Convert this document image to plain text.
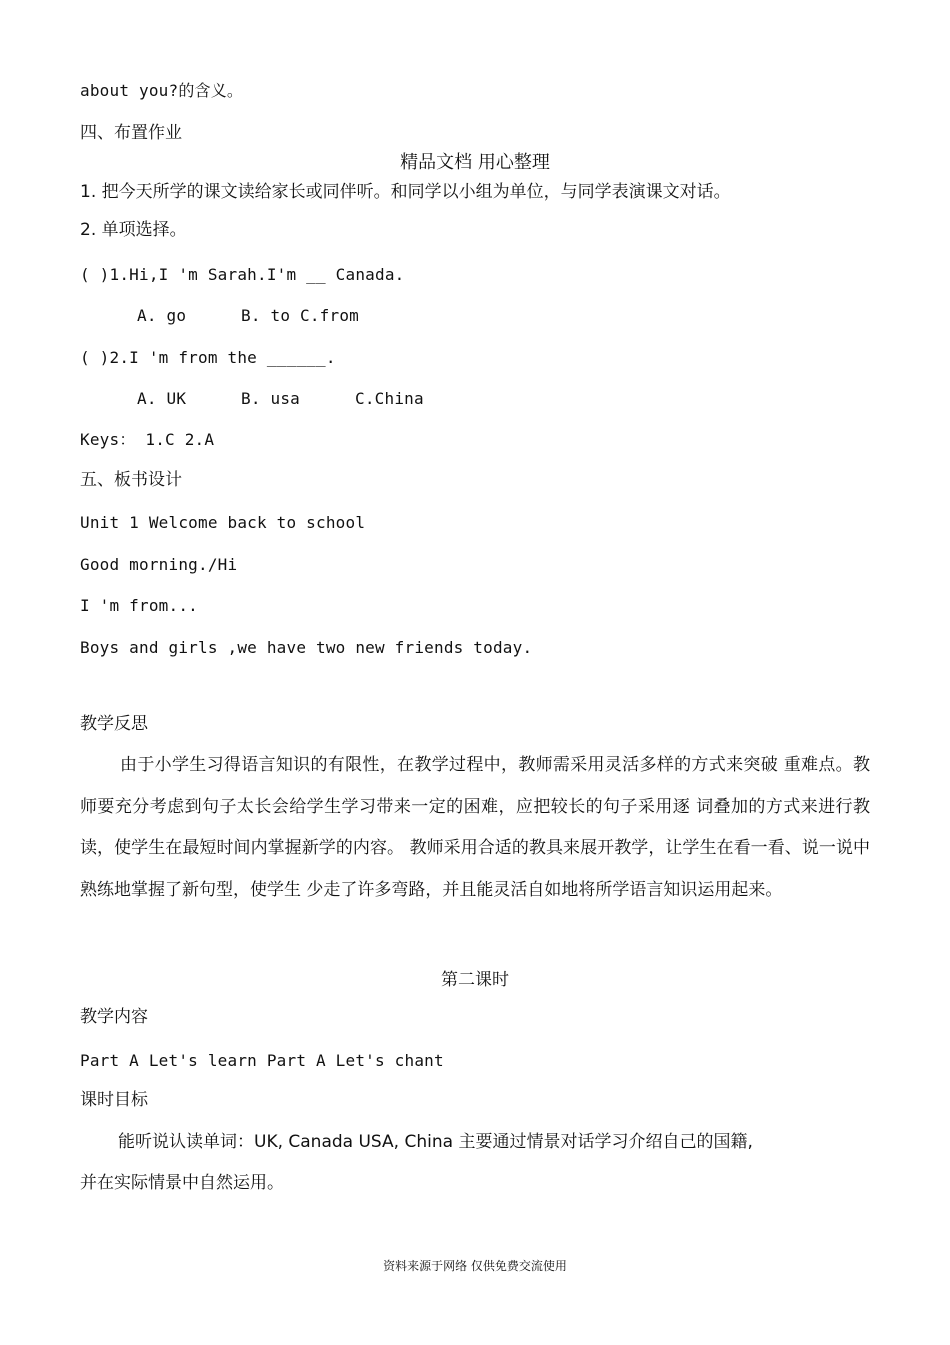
about you?的含义。
四、布置作业
精品文档 用心整理
1. 把今天所学的课文读给家长或同伴听。和同学以小组为单位，与同学表演课文对话。
2. 单项选择。
( )1.Hi,I 'm Sarah.I'm __ Canada.
A. go	B. to C.from
( )2.I 'm from the ______.
A. UK	B. usa	C.China
Keys： 1.C 2.A
五、板书设计
Unit 1 Welcome back to school
Good morning./Hi
I 'm from...
Boys and girls ,we have two new friends today.
教学反思
由于小学生习得语言知识的有限性，在教学过程中，教师需采用灵活多样的方式来突破 重难点。教师要充分考虑到句子太长会给学生学习带来一定的困难，应把较长的句子采用逐 词叠加的方式来进行教读，使学生在最短时间内掌握新学的内容。 教师采用合适的教具来展开教学，让学生在看一看、说一说中熟练地掌握了新句型，使学生 少走了许多弯路，并且能灵活自如地将所学语言知识运用起来。
第二课时
教学内容
Part A Let's learn Part A Let's chant
课时目标
能听说认读单词：UK, Canada USA, China 主要通过情景对话学习介绍自己的国籍,
并在实际情景中自然运用。
资料来源于网络 仅供免费交流使用
